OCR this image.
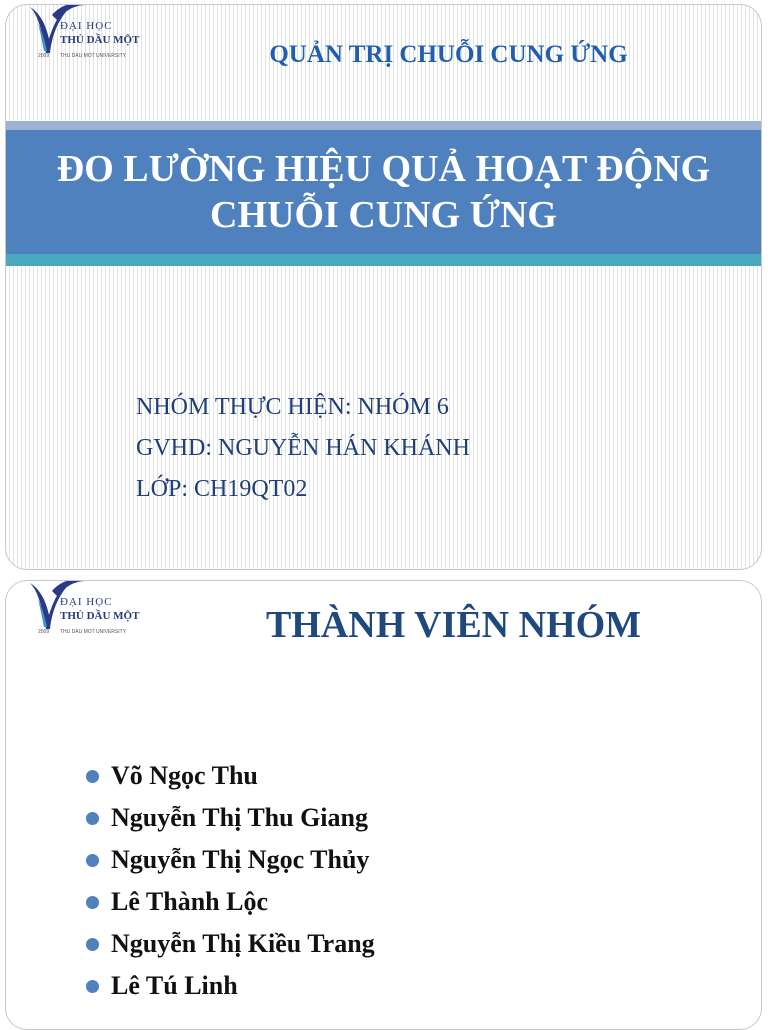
ĐẠI HỌC
THỦ DẦU MỘT
2009 THU DAU MOT UNIVERSITY	QUẢN TRỊ CHUỖI CUNG ỨNG
ĐO LƯỜNG HIỆU QUẢ HOẠT ĐỘNG
CHUỖI CUNG ỨNG
NHÓM THỰC HIỆN: NHÓM 6
GVHD: NGUYỄN HÁN KHÁNH
LỚP: CH19QT02
ĐẠI HỌC
THỦ DẦU MỘT
2009 THU DAU MOT UNIVERSITY	THÀNH VIÊN NHÓM
Võ Ngọc Thu
Nguyễn Thị Thu Giang
Nguyễn Thị Ngọc Thủy
Lê Thành Lộc
Nguyễn Thị Kiều Trang
Lê Tú Linh
